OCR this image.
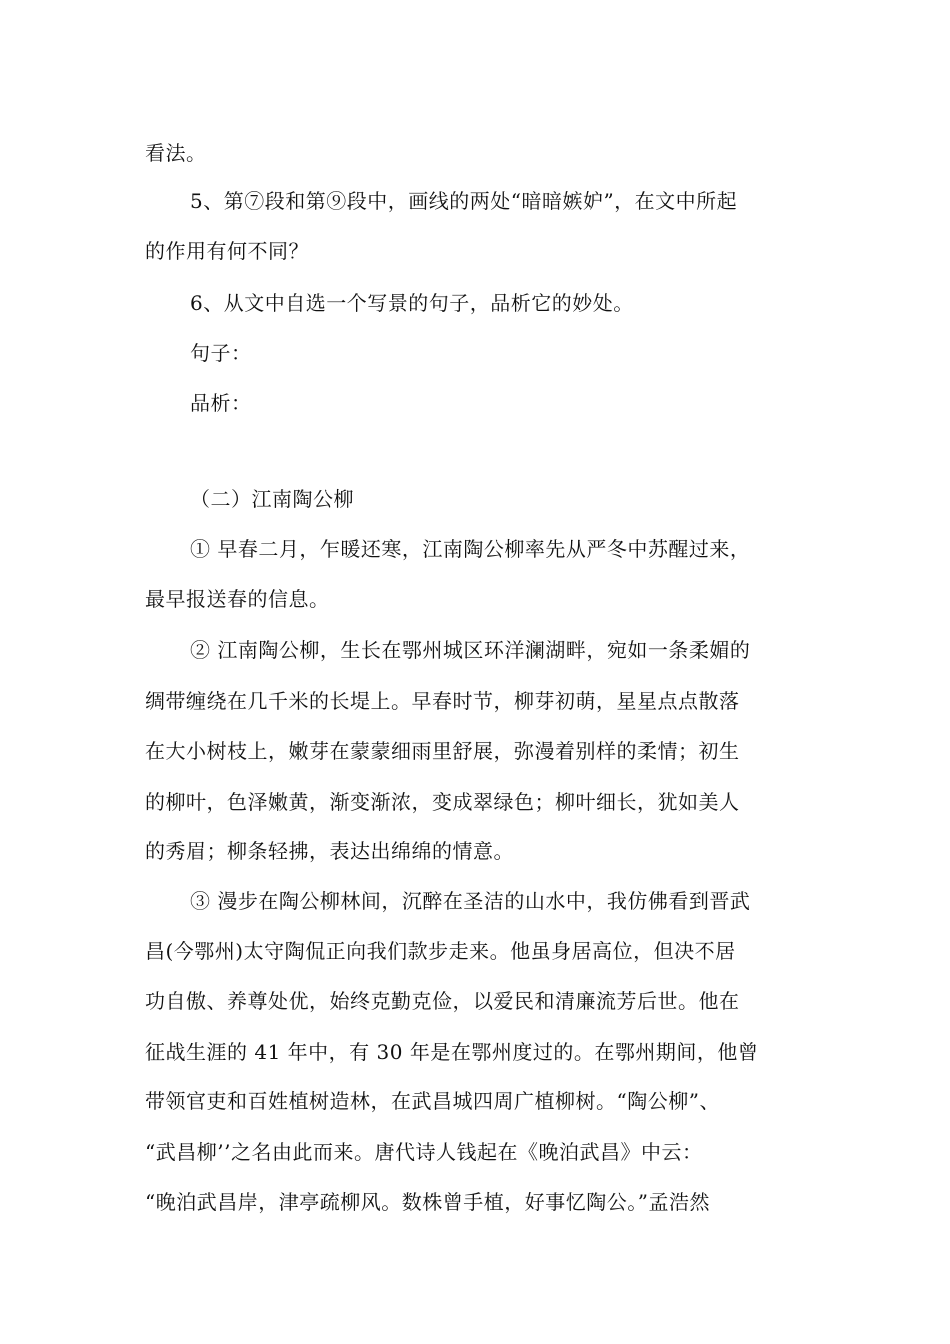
看法。
5、第⑦段和第⑨段中，画线的两处“暗暗嫉妒”，在文中所起
的作用有何不同？
6、从文中自选一个写景的句子，品析它的妙处。
句子：
品析：
（二）江南陶公柳
① 早春二月，乍暖还寒，江南陶公柳率先从严冬中苏醒过来，
最早报送春的信息。
② 江南陶公柳，生长在鄂州城区环洋澜湖畔，宛如一条柔媚的
绸带缠绕在几千米的长堤上。早春时节，柳芽初萌，星星点点散落
在大小树枝上，嫩芽在蒙蒙细雨里舒展，弥漫着别样的柔情；初生
的柳叶，色泽嫩黄，渐变渐浓，变成翠绿色；柳叶细长，犹如美人
的秀眉；柳条轻拂，表达出绵绵的情意。
③ 漫步在陶公柳林间，沉醉在圣洁的山水中，我仿佛看到晋武
昌(今鄂州)太守陶侃正向我们款步走来。他虽身居高位，但决不居
功自傲、养尊处优，始终克勤克俭，以爱民和清廉流芳后世。他在
征战生涯的 41 年中，有 30 年是在鄂州度过的。在鄂州期间，他曾
带领官吏和百姓植树造林，在武昌城四周广植柳树。“陶公柳”、
“武昌柳’’之名由此而来。唐代诗人钱起在《晚泊武昌》中云：
“晚泊武昌岸，津亭疏柳风。数株曾手植，好事忆陶公。”孟浩然
